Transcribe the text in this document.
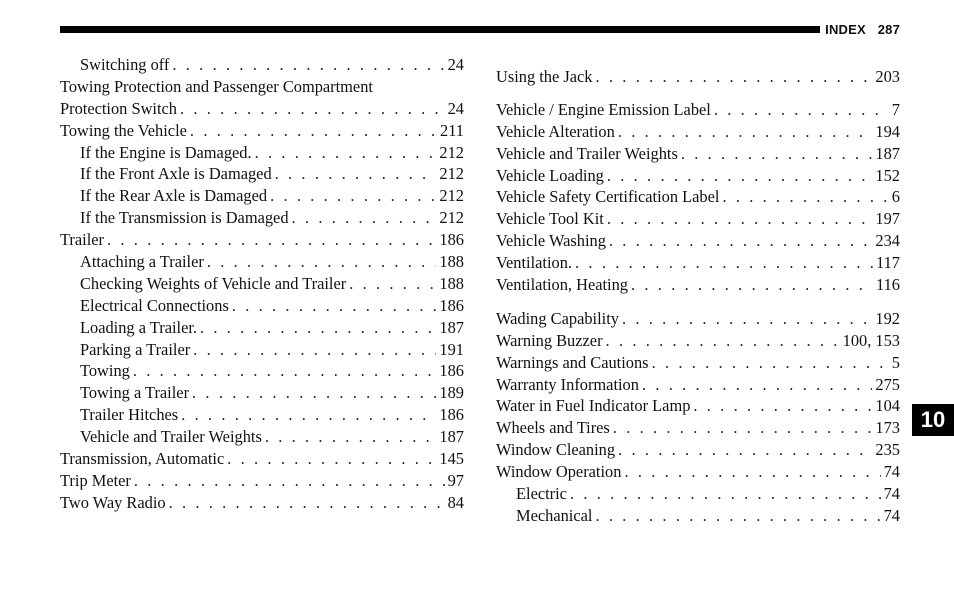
INDEX 287
Switching off . . .	24
Towing Protection and Passenger Compartment
Protection Switch . . .	24
Towing the Vehicle . . .	211
If the Engine is Damaged. . . .	212
If the Front Axle is Damaged . . .	212
If the Rear Axle is Damaged . . .	212
If the Transmission is Damaged . . .	212
Trailer . . .	186
Attaching a Trailer . . .	188
Checking Weights of Vehicle and Trailer . . .	188
Electrical Connections . . .	186
Loading a Trailer. . . .	187
Parking a Trailer . . .	191
Towing . . .	186
Towing a Trailer . . .	189
Trailer Hitches . . .	186
Vehicle and Trailer Weights . . .	187
Transmission, Automatic . . .	145
Trip Meter . . .	97
Two Way Radio . . .	84
Using the Jack . . .	203
Vehicle / Engine Emission Label . . .	7
Vehicle Alteration . . .	194
Vehicle and Trailer Weights . . .	187
Vehicle Loading . . .	152
Vehicle Safety Certification Label . . .	6
Vehicle Tool Kit . . .	197
Vehicle Washing . . .	234
Ventilation. . . .	117
Ventilation, Heating . . .	116
Wading Capability . . .	192
Warning Buzzer . . .	100, 153
Warnings and Cautions . . .	5
Warranty Information . . .	275
Water in Fuel Indicator Lamp . . .	104
Wheels and Tires . . .	173
Window Cleaning . . .	235
Window Operation . . .	74
Electric . . .	74
Mechanical . . .	74
10
